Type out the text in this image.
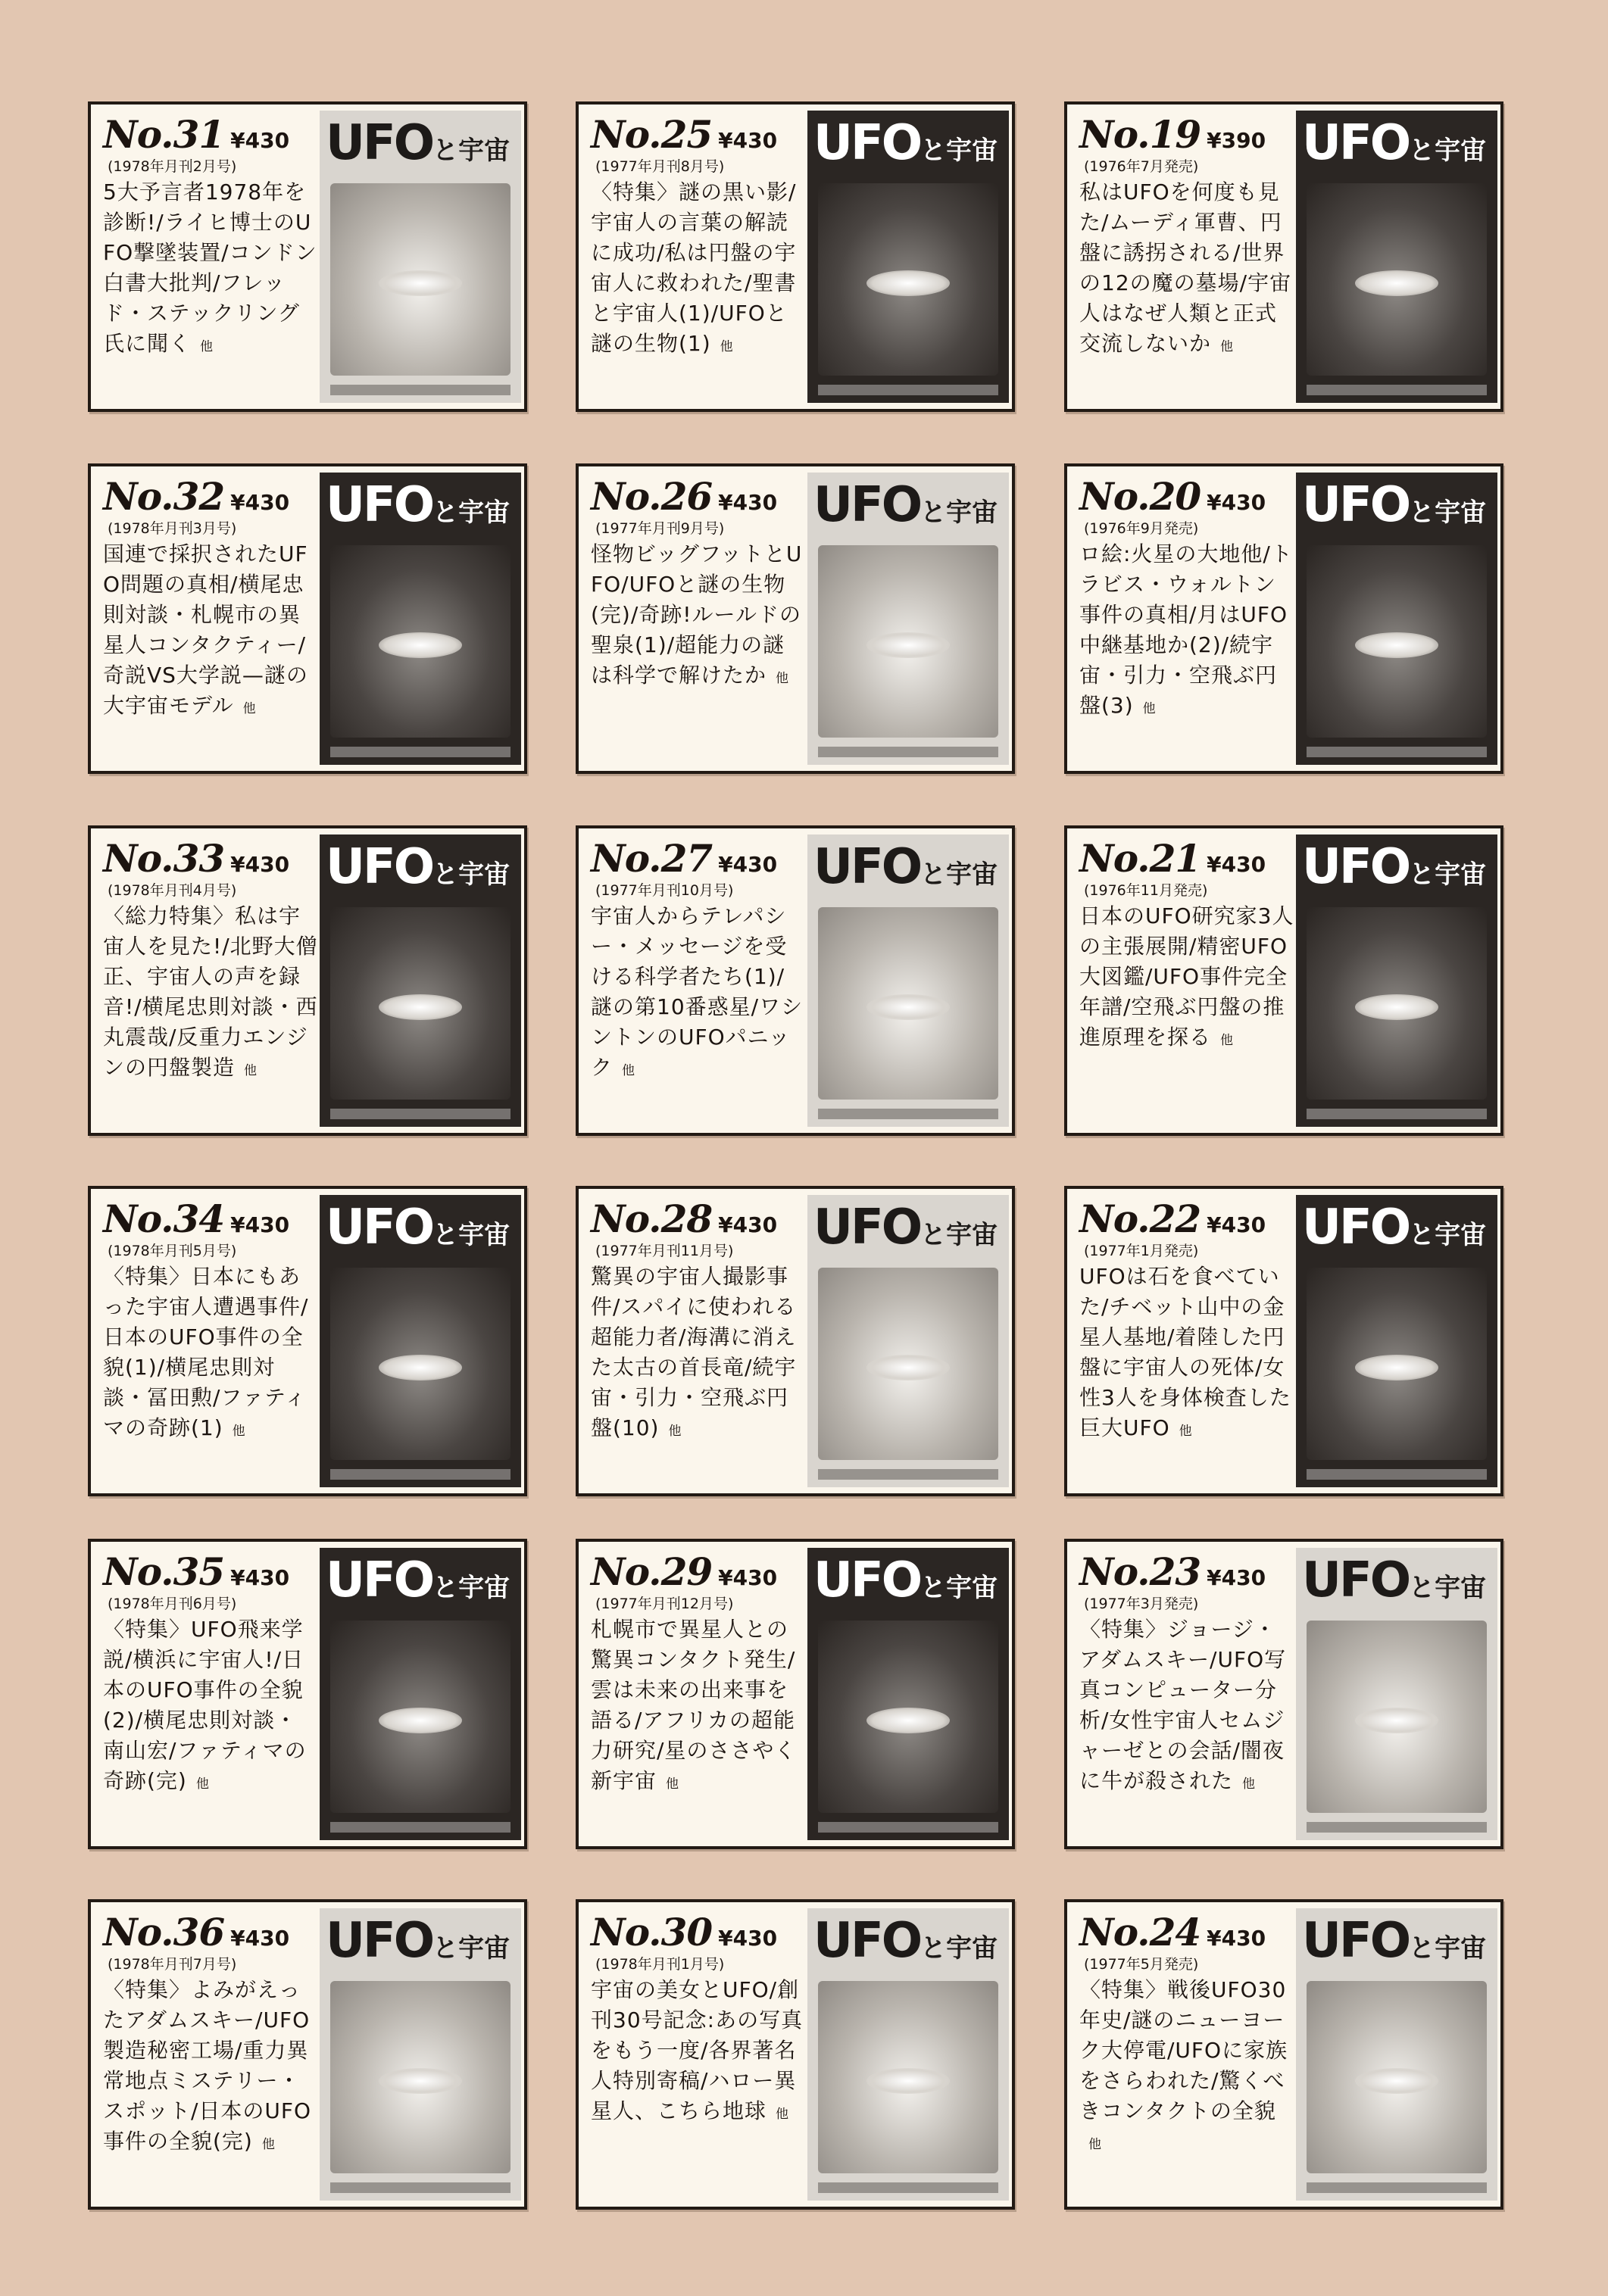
No.31 ¥430
(1978年月刊2月号)
5大予言者1978年を診断!/ライヒ博士のUFO撃墜装置/コンドン白書大批判/フレッド・ステックリング氏に聞く 他
UFOと宇宙 No.25 ¥430
(1977年月刊8月号)
〈特集〉謎の黒い影/宇宙人の言葉の解読に成功/私は円盤の宇宙人に救われた/聖書と宇宙人(1)/UFOと謎の生物(1) 他
UFOと宇宙 No.19 ¥390
(1976年7月発売)
私はUFOを何度も見た/ムーディ軍曹、円盤に誘拐される/世界の12の魔の墓場/宇宙人はなぜ人類と正式交流しないか 他
UFOと宇宙
No.32 ¥430
(1978年月刊3月号)
国連で採択されたUFO問題の真相/横尾忠則対談・札幌市の異星人コンタクティー/奇説VS大学説—謎の大宇宙モデル 他
UFOと宇宙 No.26 ¥430
(1977年月刊9月号)
怪物ビッグフットとUFO/UFOと謎の生物(完)/奇跡!ルールドの聖泉(1)/超能力の謎は科学で解けたか 他
UFOと宇宙 No.20 ¥430
(1976年9月発売)
ロ絵:火星の大地他/トラビス・ウォルトン事件の真相/月はUFO中継基地か(2)/続宇宙・引力・空飛ぶ円盤(3) 他
UFOと宇宙
No.33 ¥430
(1978年月刊4月号)
〈総力特集〉私は宇宙人を見た!/北野大僧正、宇宙人の声を録音!/横尾忠則対談・西丸震哉/反重力エンジンの円盤製造 他
UFOと宇宙 No.27 ¥430
(1977年月刊10月号)
宇宙人からテレパシー・メッセージを受ける科学者たち(1)/謎の第10番惑星/ワシントンのUFOパニック 他
UFOと宇宙 No.21 ¥430
(1976年11月発売)
日本のUFO研究家3人の主張展開/精密UFO大図鑑/UFO事件完全年譜/空飛ぶ円盤の推進原理を探る 他
UFOと宇宙
No.34 ¥430
(1978年月刊5月号)
〈特集〉日本にもあった宇宙人遭遇事件/日本のUFO事件の全貌(1)/横尾忠則対談・冨田勲/ファティマの奇跡(1) 他
UFOと宇宙 No.28 ¥430
(1977年月刊11月号)
驚異の宇宙人撮影事件/スパイに使われる超能力者/海溝に消えた太古の首長竜/続宇宙・引力・空飛ぶ円盤(10) 他
UFOと宇宙 No.22 ¥430
(1977年1月発売)
UFOは石を食べていた/チベット山中の金星人基地/着陸した円盤に宇宙人の死体/女性3人を身体検査した巨大UFO 他
UFOと宇宙
No.35 ¥430
(1978年月刊6月号)
〈特集〉UFO飛来学説/横浜に宇宙人!/日本のUFO事件の全貌(2)/横尾忠則対談・南山宏/ファティマの奇跡(完) 他
UFOと宇宙 No.29 ¥430
(1977年月刊12月号)
札幌市で異星人との驚異コンタクト発生/雲は未来の出来事を語る/アフリカの超能力研究/星のささやく新宇宙 他
UFOと宇宙 No.23 ¥430
(1977年3月発売)
〈特集〉ジョージ・アダムスキー/UFO写真コンピューター分析/女性宇宙人セムジャーゼとの会話/闇夜に牛が殺された 他
UFOと宇宙
No.36 ¥430
(1978年月刊7月号)
〈特集〉よみがえったアダムスキー/UFO製造秘密工場/重力異常地点ミステリー・スポット/日本のUFO事件の全貌(完) 他
UFOと宇宙 No.30 ¥430
(1978年月刊1月号)
宇宙の美女とUFO/創刊30号記念:あの写真をもう一度/各界著名人特別寄稿/ハロー異星人、こちら地球 他
UFOと宇宙 No.24 ¥430
(1977年5月発売)
〈特集〉戦後UFO30年史/謎のニューヨーク大停電/UFOに家族をさらわれた/驚くべきコンタクトの全貌他
UFOと宇宙
